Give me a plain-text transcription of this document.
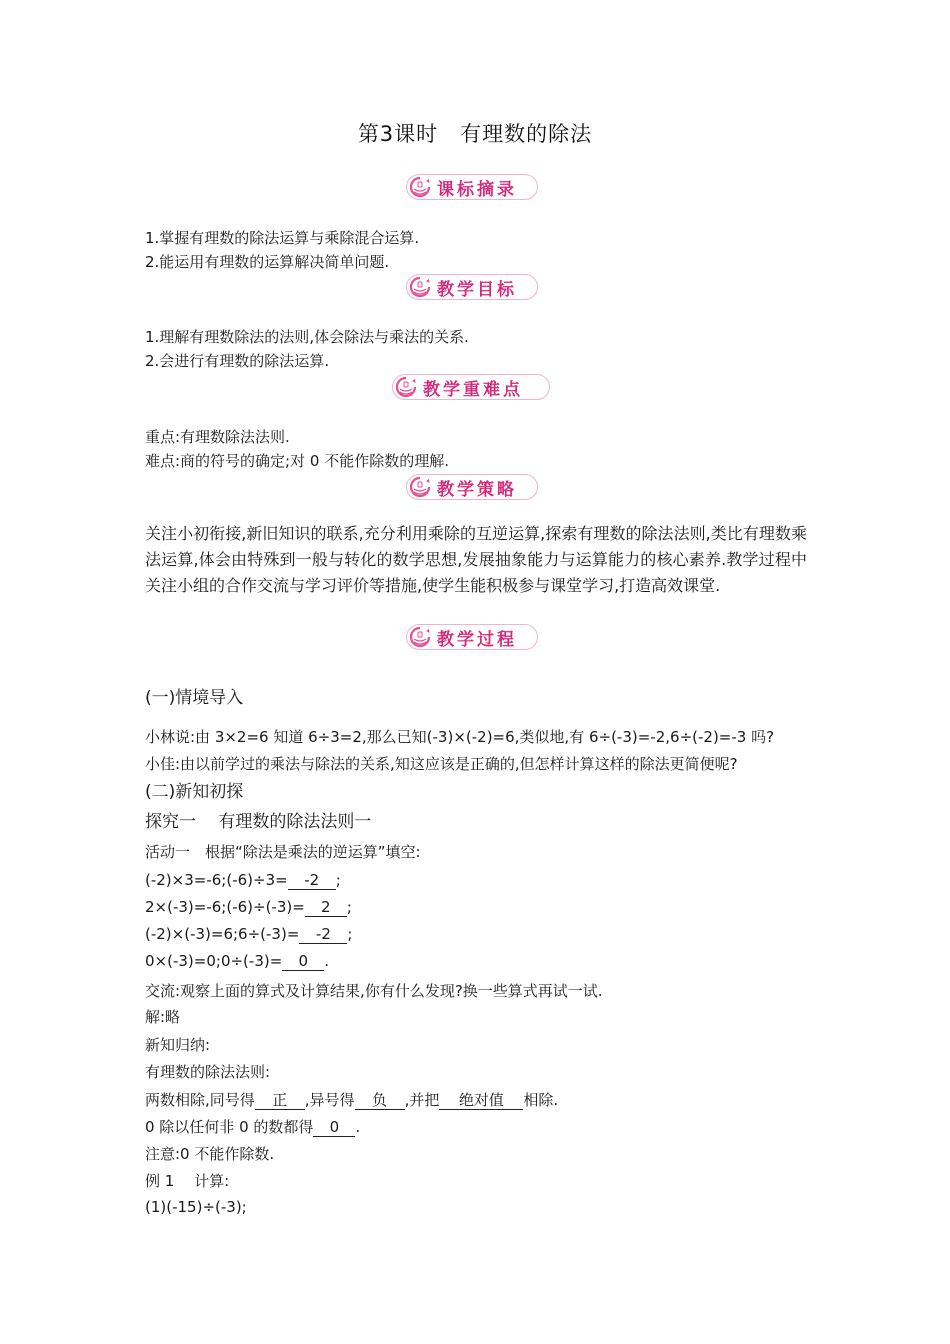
第3课时　有理数的除法
课标摘录
1.掌握有理数的除法运算与乘除混合运算.
2.能运用有理数的运算解决简单问题.
教学目标
1.理解有理数除法的法则,体会除法与乘法的关系.
2.会进行有理数的除法运算.
教学重难点
重点:有理数除法法则.
难点:商的符号的确定;对 0 不能作除数的理解.
教学策略
关注小初衔接,新旧知识的联系,充分利用乘除的互逆运算,探索有理数的除法法则,类比有理数乘法运算,体会由特殊到一般与转化的数学思想,发展抽象能力与运算能力的核心素养.教学过程中关注小组的合作交流与学习评价等措施,使学生能积极参与课堂学习,打造高效课堂.
教学过程
(一)情境导入
小林说:由 3×2=6 知道 6÷3=2,那么已知(-3)×(-2)=6,类似地,有 6÷(-3)=-2,6÷(-2)=-3 吗?
小佳:由以前学过的乘法与除法的关系,知这应该是正确的,但怎样计算这样的除法更简便呢?
(二)新知初探
探究一　 有理数的除法法则一
活动一　根据“除法是乘法的逆运算”填空:
(-2)×3=-6;(-6)÷3= -2 ;
2×(-3)=-6;(-6)÷(-3)= 2 ;
(-2)×(-3)=6;6÷(-3)= -2 ;
0×(-3)=0;0÷(-3)= 0 .
交流:观察上面的算式及计算结果,你有什么发现?换一些算式再试一试.
解:略
新知归纳:
有理数的除法法则:
两数相除,同号得 正 ,异号得 负 ,并把 绝对值 相除.
0 除以任何非 0 的数都得 0 .
注意:0 不能作除数.
例 1　 计算:
(1)(-15)÷(-3);
